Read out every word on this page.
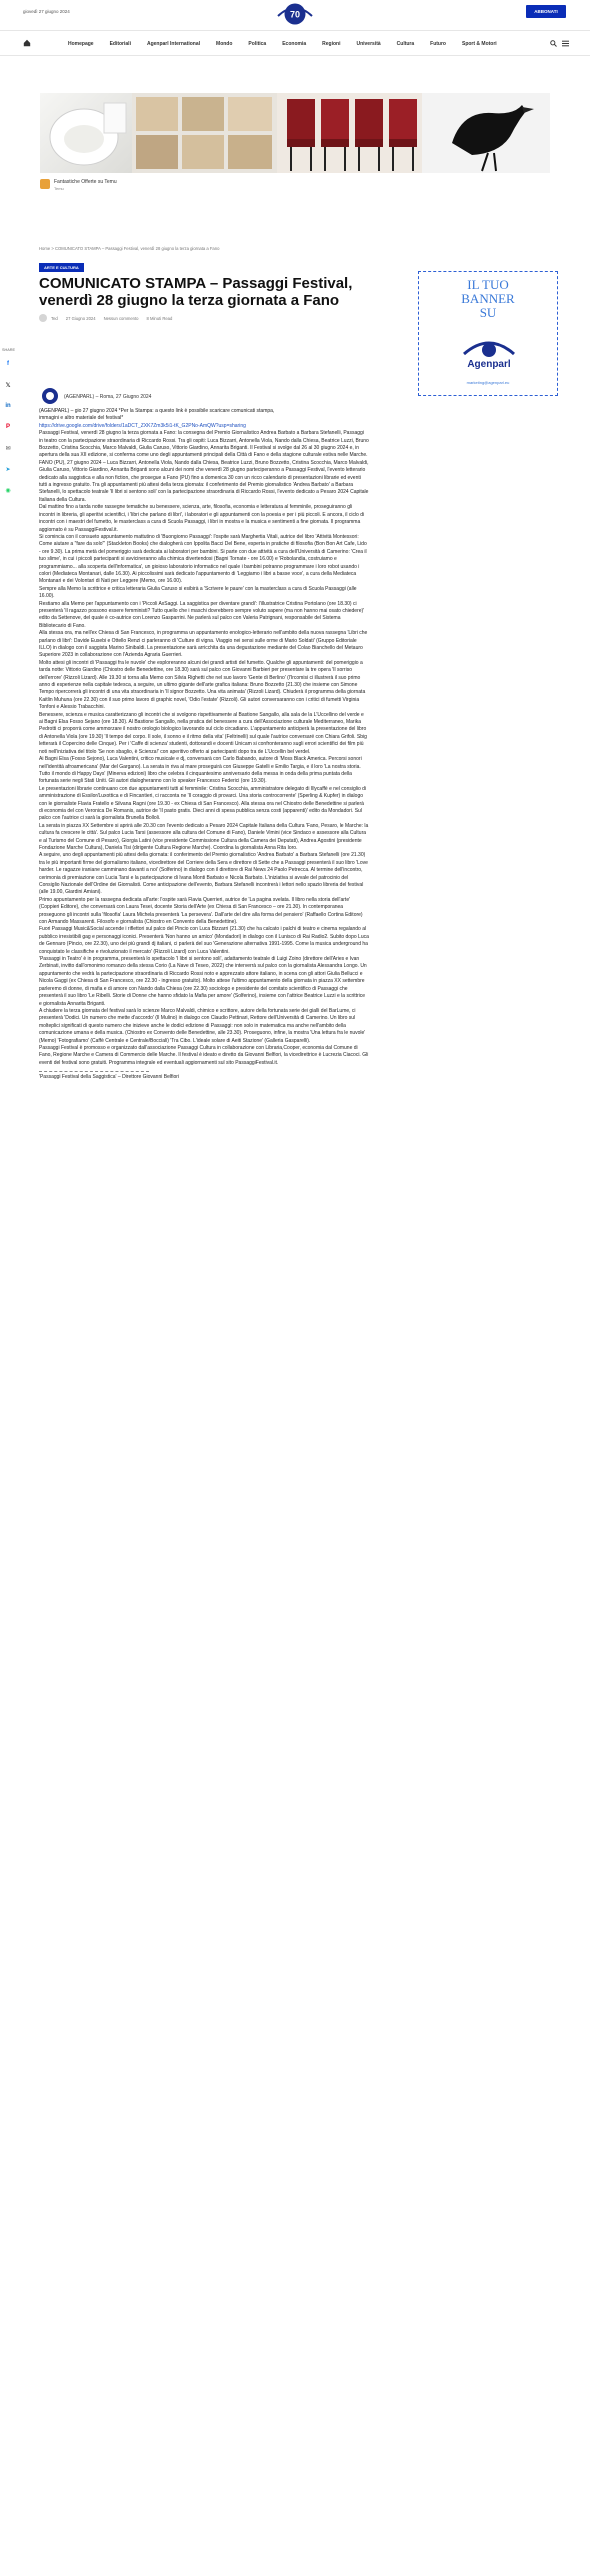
giovedì 27 giugno 2024	70	ABBONATI
Homepage	Editoriali	Agenparl International	Mondo	Politica	Economia	Regioni	Università	Cultura	Futuro	Sport & Motori
Fantastiche Offerte su Temu
Temu
Home > COMUNICATO STAMPA – Passaggi Festival, venerdì 28 giugno la terza giornata a Fano
ARTE E CULTURA
COMUNICATO STAMPA – Passaggi Festival, venerdì 28 giugno la terza giornata a Fano
Ted 27 Giugno 2024 Nessun commento 8 Minuti Read
SHARE
f
𝕏
in
P
✉
➤
◉
(AGENPARL) – Roma, 27 Giugno 2024

(AGENPARL) – gio 27 giugno 2024 *Per la Stampa: a questo link è possibile scaricare comunicati stampa,

immagini e altro materiale del festival*

https://drive.google.com/drive/folders/1aDCT_ZXK7Zm3k5i1-tK_G2PNo-AmQW?usp=sharing

Passaggi Festival, venerdì 28 giugno la terza giornata a Fano: la consegna del Premio Giornalistico Andrea Barbato a Barbara Stefanelli, Passaggi in teatro con la partecipazione straordinaria di Riccardo Rossi. Tra gli ospiti: Luca Bizzarri, Antonella Viola, Nando dalla Chiesa, Beatrice Luzzi, Bruno Bozzetto, Cristina Scocchia, Marco Malvaldi, Giulia Caruso, Vittorio Giardino, Annarita Briganti. Il Festival si svolge dal 26 al 30 giugno 2024 e, in apertura della sua XII edizione, si conferma come uno degli appuntamenti principali della Città di Fano e della stagione culturale estiva nelle Marche.

FANO (PU), 27 giugno 2024 – Luca Bizzarri, Antonella Viola, Nando dalla Chiesa, Beatrice Luzzi, Bruno Bozzetto, Cristina Scocchia, Marco Malvaldi, Giulia Caruso, Vittorio Giardino, Annarita Briganti sono alcuni dei nomi che venerdì 28 giugno parteciperanno a Passaggi Festival, l'evento letterario dedicato alla saggistica e alla non fiction, che prosegue a Fano (PU) fino a domenica 30 con un ricco calendario di presentazioni librarie ed eventi tutti a ingresso gratuito. Tra gli appuntamenti più attesi della terza giornata: il conferimento del Premio giornalistico 'Andrea Barbato' a Barbara Stefanelli, lo spettacolo teatrale 'Il libri si sentono soli' con la partecipazione straordinaria di Riccardo Rossi, l'evento dedicato a Pesaro 2024 Capitale Italiana della Cultura.

Dal mattino fino a tarda notte rassegne tematiche su benessere, scienza, arte, filosofia, economia e letteratura al femminile, proseguiranno gli incontri in libreria, gli aperitivi scientifici, i 'libri che parlano di libri', i laboratori e gli appuntamenti con la poesia e per i più piccoli. E ancora, il ciclo di incontri con i maestri del fumetto, le masterclass a cura di Scuola Passaggi, i libri in mostra e la musica e sentimenti a fine giornata. Il programma aggiornato è su PassaggiFestival.it.

Si comincia con il consueto appuntamento mattutino di 'Buongiorno Passaggi': l'ospite sarà Marghertia Vitali, autrice del libro 'Attività Montessori: Come aiutare a "fare da solo"' (Stackleton Books) che dialogherà con Ippolita Bacci Del Bene, esperta in pratiche di filosofia (Bon Bon Art Cafe, Lido - ore 9.30). La prima metà del pomeriggio sarà dedicata ai laboratori per bambini. Si parte con due attività a cura dell'Università di Camerino: 'Crea il tuo slime', in cui i piccoli partecipanti si avvicineranno alla chimica divertendosi (Bagni Tornate - ore 16.00) e 'Robolandia, costruiamo e programmiamo... alla scoperta dell'informatica', un gioioso laboratorio informatico nel quale i bambini potranno programmare i loro robot usando i colori (Mediateca Montanari, dalle 16.30). Ai piccolissimi sarà dedicato l'appuntamento di 'Leggiamo i libri a basse voce', a cura della Mediateca Montanari e dei Volontari di Nati per Leggere (Memo, ore 16.00).

Sempre alla Memo la scrittrice e critica letteraria Giulia Caruso si esibirà a 'Scrivere le paure' con la masterclass a cura di Scuola Passaggi (alle 16.00).

Restiamo alla Memo per l'appuntamento con i 'Piccoli AxSaggi. La saggistica per diventare grandi': l'illustratrice Cristina Portolano (ore 18.30) ci presenterà 'Il ragazzo possono essere femministi? Tutto quello che i maschi dovrebbero sempre voluto sapere (ma non hanno mai osato chiedere)' edito da Settenove, del quale è co-autrice con Lorenzo Gasparrini. Ne parlerà sul palco con Valeria Patrignani, responsabile del Sistema Bibliotecario di Fano.

Alla stessa ora, ma nell'ex Chiesa di San Francesco, in programma un appuntamento enologico-letterario nell'ambito della nuova rassegna 'Libri che parlano di libri': Davide Eusebi e Ottello Renzi ci parleranno di 'Culture di vigna. Viaggio nei sensi sulle orme di Mario Soldati' (Gruppo Editoriale ILLO) in dialogo con il saggista Marino Sinibaldi. La presentazione sarà arricchita da una degustazione mediante del Colao Bianchello del Metauro Superiore 2023 in collaborazione con l'Azienda Agraria Guerrieri.

Molto attesi gli incontri di 'Passaggi fra le nuvole' che esploreranno alcuni dei grandi artisti del fumetto. Qualche gli appuntamenti: del pomeriggio a tarda notte: Vittorio Giardino (Chiostro delle Benedettine, ore 18.30) sarà sul palco con Giovanni Barbieri per presentare la tre opera 'Il sorriso dell'errore' (Rizzoli Lizard). Alle 19.30 si torna alla Memo con Silvia Righetti che nel suo lavoro 'Gente di Berlino' (l'Ircomisi ci illustrerà il suo primo anno di esperienze nella capitale tedesca, a seguire, un ultimo gigante dell'arte grafica italiana: Bruno Bozzetto (21.30) che insieme con Simone Tempo ripercorrerà gli incontri di una vita straordinaria in 'Il signor Bozzetto. Una vita animata' (Rizzoli Lizard). Chiuderà il programma della giornata Kaitlin Muhuna (ore 22.30) con il suo primo lavoro di graphic novel, 'Odio l'estate' (Rizzoli). Gli autori conversaranno con i critici di fumetti Virginia Tonfoni e Alessio Trabacchini.

Benessere, scienza e musica caratterizzano gli incontri che si svolgono rispettivamente al Bastione Sangallo, alla sala de la L'Uccellino del verde e ai Bagni Elsa Fosso Sejano (ore 18.30). Al Bastione Sangallo, nella pratica del benessere a cura dell'Associazione culturale Mediterraneo, Marika Pedrotti ci proporrà come ammorzare il nostro orologio biologico lavorando sul ciclo circadiano. L'appuntamento anticiperà la presentazione del libro di Antonella Viola (ore 19.30) 'Il tempo del corpo. Il sole, il sonno e il ritmo della vita' (Feltrinelli) sul quale l'autrice conversaré con Chiara Grifoli. Sbig letterarà il Copercino delle Cinque). Per i 'Caffe di scienza' studenti, dottorandi e docenti Unicam si confronteranno sugli errori scientifici dei film più noti nell'iniziativa del titolo 'Se non sbaglio, è Scienza!' con aperitivo offerto ai partecipanti dopo tra de L'Uccellin bel verdel.

Ai Bagni Elsa (Fosso Sejono), Luca Valentini, critico musicale e dj, conversarà con Carlo Babando, autore di 'Moss Black America. Percorsi sonori nell'identità afroamericana' (Mar del Gargano). La serata in riva al mare proseguirà con Giuseppe Gatelli e Emilio Targia, e il loro 'La nostra storia. Tutto il mondo di Happy Days' (Minerva edizioni) libro che celebra il cinquantesimo anniversario della messa in onda della prima puntata della fortunata serie negli Stati Uniti. Gli autori dialogheranno con lo speaker Francesco Federici (ore 19.30).

Le presentazioni librarie continuano con due appuntamenti tutti al femminile: Cristina Scocchia, amministratore delegato di Illycaffè e nel consiglio di amministrazione di Essilor/Luxottica e di Fincantieri, ci racconta ne 'Il coraggio di provarci. Una storia controcorrente' (Sperling & Kupfer) in dialogo con le giornaliste Flavia Fratello e Silvana Ragni (ore 19.30 - ex Chiesa di San Francesco). Alla stessa ora nel Chiostro delle Benedettine si parlerà di economia del con Veronica De Romanis, autrice de 'Il pasto gratis. Dieci anni di spesa pubblica senza costi (apparenti)' edito da Mondadori. Sul palco con l'autrice ci sarà la giornalista Brunella Bolloli.

La serata in piazza XX Settembre si aprirà alle 20.30 con l'evento dedicato a Pesaro 2024 Capitale Italiana della Cultura 'Fano, Pesaro, le Marche: la cultura fa crescere le città'. Sul palco Lucia Tarsi (assessore alla cultura del Comune di Fano), Daniele Vimini (vice Sindaco e assessore alla Cultura e al Turismo del Comune di Pesaro), Giorgia Latini (vice presidente Commissione Cultura della Camera dei Deputati), Andrea Agostini (presidente Fondazione Marche Cultura), Daniela Tisi (dirigente Cultura Regione Marche). Coordina la giornalista Anna Rita Ioro.

A seguire, uno degli appuntamenti più attesi della giornata: il conferimento del Premio giornalistico 'Andrea Barbato' a Barbara Stefanelli (ore 21.30) tra le più importanti firme del giornalismo italiano, vicedirettore del Corriere della Sera e direttore di Sette che a Passaggi presenterà il suo libro 'Love harder. Le ragazze iraniane camminano davanti a noi' (Solferino) in dialogo con il direttore di Rai News 24 Paolo Petrecca. Al termine dell'incontro, cerimonia di premiazione con Lucia Tarsi e la partecipazione di Ivana Monti Barbato e Nicola Barbato. L'iniziativa si avvale del patrocinio del Consiglio Nazionale dell'Ordine dei Giornalisti. Come anticipazione dell'evento, Barbara Stefanelli incontrerà i lettori nello spazio libreria del festival (alle 19.00, Giardini Amiani).

Primo appuntamento per la rassegna dedicata all'arte: l'ospite sarà Flavia Querrieri, autrice de 'La pagina svelata. Il libro nella storia dell'arte' (Coppieri Editore), che conversará con Laura Tesei, docente Storia dell'Arte (ex Chiesa di San Francesco – ore 21.30). In contemporanea proseguono gli incontri sulla 'filosofia' Laura Michela presenterà 'La persevera'. Dall'arte del dire alla forma del pensiero' (Raffaello Cortina Editore) con Armando Massarenti. Filosofo e giornalista (Chiostro en Convento della Benedettine).

Fuori Passaggi Music&Social accende i riflettori sul palco del Pincio con Luca Bizzarri (21.30) che ha calcato i palchi di teatro e cinema regalando al pubblico irresistibili gag e personaggi iconici. Presenterà 'Non hanno un amico' (Mondadori) in dialogo con il Lunisco di Rai Radio2. Subito dopo Luca de Gennaro (Pincio, ore 22.30), uno dei più grandi dj italiani, ci parlerà del suo 'Generazione alternativa 1991-1995. Come la musica underground ha conquistato le classifiche e rivoluzionato il mercato' (Rizzoli Lizard) con Luca Valentini.

'Passaggi in Teatro' è in programma, presenterà lo spettacolo 'I libri si sentono soli', adattamento teatrale di Luigi Zoino (direttore dell'Aries e Ivan Zerbinati, invitto dall'omonimo romanzo della stessa Corio (La Nave di Teseo, 2022) che interverrà sul palco con la giornalista Alessandra Longo. Un appuntamento che vedrà la partecipazione straordinaria di Riccardo Rossi noto e apprezzato attore italiano, in scena con gli attori Giulia Bellucci e Nicola Gaggi (ex Chiesa di San Francesco, ore 22.30 - ingresso gratuito). Molto attese l'ultimo appuntamento della giornata in piazza XX settembre parleremo di donne, di mafia e di amore con Nando dalla Chiesa (ore 22.30) sociologo e presidente del comitato scientifico di Passaggi che presenterà il suo libro 'Le Ribelli. Storie di Donne che hanno sfidato la Mafia per amore' (Solferino), insieme con l'attrice Beatrice Luzzi e la scrittrice e giornalista Annarita Briganti.

A chiudere la terza giornata del festival sarà lo scienze Marco Malvaldi, chimico e scrittore, autore della fortunata serie dei gialli del BarLume, ci presenterà 'Dodici. Un numero che mette d'accordo' (Il Mulino) in dialogo con Claudio Pettinari, Rettore dell'Università di Camerino. Un libro sul molteplici significati di questo numero che inizieve anche le dodici edizione di Passaggi: non solo in matematica ma anche nell'ambito della comunicazione umana e della musica. (Chiostro ex Convento delle Benedettine, alle 23.30). Proseguono, infine, la mostra 'Una lettura fra le nuvole' (Memo) 'Fotografiamo' (Caffè Centrale e Centrale/Bocciali) 'Tra Cibo. L'ideale solare di Aeiti Stazione' (Galleria Gasparelli).

Passaggi Festival è promosso e organizzato dall'associazione Passaggi Cultura in collaborazione con Libraria,Cooper, economia dal Comune di Fano, Regione Marche e Camera di Commercio delle Marche. Il festival è ideato e diretto da Giovanni Belfiori, la vicedirettrice è Lucrezia Ciacoci. Gli eventi del festival sono gratuiti. Programma integrale ed eventuali aggiornamenti sul sito PassaggiFestival.it.

'Passaggi Festival della Saggistica' – Direttore Giovanni Belfiori

IL TUO
BANNER
SU
Agenparl
marketing@agenparl.eu
